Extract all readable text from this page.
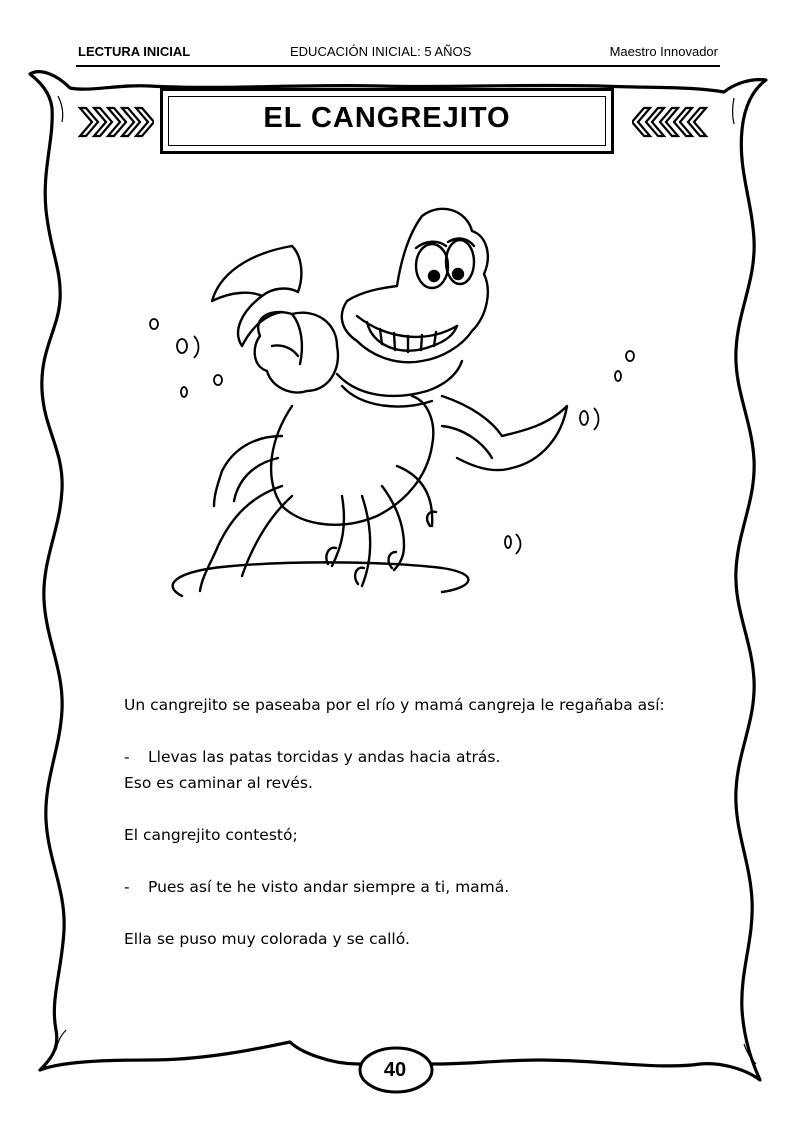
LECTURA INICIAL	EDUCACIÓN INICIAL: 5 AÑOS	Maestro Innovador
EL CANGREJITO

Un cangrejito se paseaba por el río y mamá cangreja le regañaba así:

- Llevas las patas torcidas y andas hacia atrás.

Eso es caminar al revés.

El cangrejito contestó;

- Pues así te he visto andar siempre a ti, mamá.

Ella se puso muy colorada y se calló.

40
